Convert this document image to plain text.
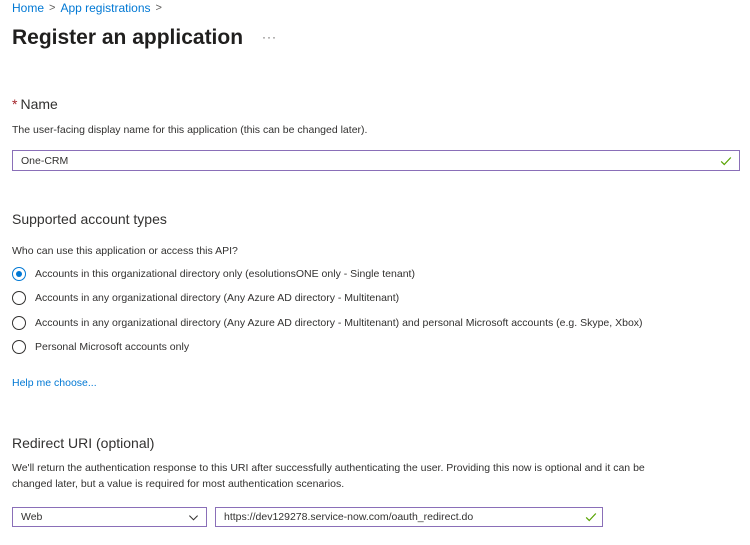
Home > App registrations >
Register an application ···
* Name
The user-facing display name for this application (this can be changed later).
One-CRM
Supported account types
Who can use this application or access this API?
Accounts in this organizational directory only (esolutionsONE only - Single tenant)
Accounts in any organizational directory (Any Azure AD directory - Multitenant)
Accounts in any organizational directory (Any Azure AD directory - Multitenant) and personal Microsoft accounts (e.g. Skype, Xbox)
Personal Microsoft accounts only
Help me choose...
Redirect URI (optional)
We'll return the authentication response to this URI after successfully authenticating the user. Providing this now is optional and it can be
changed later, but a value is required for most authentication scenarios.
Web
https://dev129278.service-now.com/oauth_redirect.do
